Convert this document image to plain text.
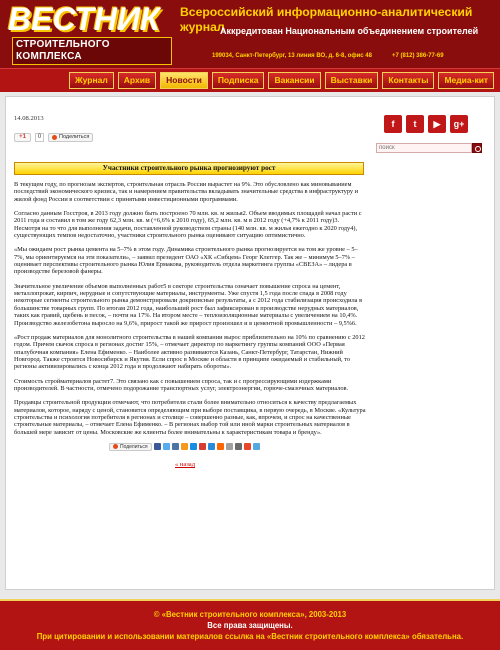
ВЕСТНИК
СТРОИТЕЛЬНОГО КОМПЛЕКСА
Всероссийский информационно-аналитический журнал
Аккредитован Национальным объединением строителей
199034, Санкт-Петербург, 13 линия ВО, д. 6-8, офис 48	+7 (812) 386-77-69
Журнал	Архив	Новости	Подписка	Вакансии	Выставки	Контакты	Медиа-кит
14.08.2013
+1	0	Поделиться
Участники строительного рынка прогнозируют рост

В текущем году, по прогнозам экспертов, строительная отрасль России вырастет на 9%. Это обусловлено как миновыванием последствий экономического кризиса, так и намерением правительства вкладывать значительные средства в инфраструктуру и жилой фонд России в соответствии с принятыми инвестиционными программами.

Согласно данным Госстроя, в 2013 году должно быть построено 70 млн. кв. м жилья2. Объем вводимых площадей начал расти с 2011 года и составил в том же году 62,3 млн. кв. м (+6,6% к 2010 году), 65,2 млн. кв. м в 2012 году (+4,7% к 2011 году)3. Несмотря на то что для выполнения задачи, поставленной руководством страны (140 млн. кв. м жилья ежегодно к 2020 году4), существующих темпов недостаточно, участники строительного рынка оценивают ситуацию оптимистично.

«Мы ожидаем рост рынка цемента на 5–7% в этом году. Динамика строительного рынка прогнозируется на том же уровне – 5–7%, мы ориентируемся на эти показатели», – заявил президент ОАО «ХК «Сибцем» Георг Клеггер. Так же – минимум 5–7% – оценивает перспективы строительного рынка Юлия Ермакова, руководитель отдела маркетинга группы «СВЕЗА» – лидера в производстве березовой фанеры.

Значительное увеличение объемов выполненных работ5 в секторе строительства означает повышение спроса на цемент, металлопрокат, кирпич, нерудные и сопутствующие материалы, инструменты. Уже спустя 1,5 года после спада в 2008 году некоторые сегменты строительного рынка демонстрировали докризисные результаты, а с 2012 года стабилизация происходила в большинстве товарных групп. По итогам 2012 года, наибольший рост был зафиксирован в производстве нерудных материалов, таких как гравий, щебень и песок, – почти на 17%. На втором месте – теплоизоляционные материалы с увеличением на 10,4%. Производство железобетона выросло на 9,6%, прирост такой же прирост произошел и в цементной промышленности – 9,5%6.

«Рост продаж материалов для монолитного строительства в нашей компании вырос приблизительно на 10% по сравнению с 2012 годом. Причем скачок спроса в регионах достиг 15%, – отмечает директор по маркетингу группы компаний ООО «Первая опалубочная компания» Елена Ефименко. – Наиболее активно развиваются Казань, Санкт-Петербург, Татарстан, Нижний Новгород. Также строится Новосибирск и Якутия. Если спрос в Москве и области в принципе ожидаемый и стабильный, то регионы активизировались с конца 2012 года и продолжают набирать обороты».

Стоимость стройматериалов растет7. Это связано как с повышением спроса, так и с прогрессирующими издержками производителей. В частности, отмечено подорожание транспортных услуг, электроэнергии, горюче-смазочных материалов.

Продавцы строительной продукции отмечают, что потребители стали более внимательно относиться к качеству предлагаемых материалов, которое, наряду с ценой, становится определяющим при выборе поставщика, в первую очередь, в Москве. «Культура строительства и психология потребителя в регионах и столице – совершенно разные, как, впрочем, и спрос на качественные строительные материалы, – отмечает Елена Ефименко. – В регионах выбор той или иной марки строительных материалов в большей мере зависит от цены. Московские же клиенты более внимательны к характеристикам товара и бренду».

Поделиться
« назад
f	t	▶	g+
поиск
© «Вестник строительного комплекса», 2003-2013
Все права защищены.
При цитировании и использовании материалов ссылка на «Вестник строительного комплекса» обязательна.
